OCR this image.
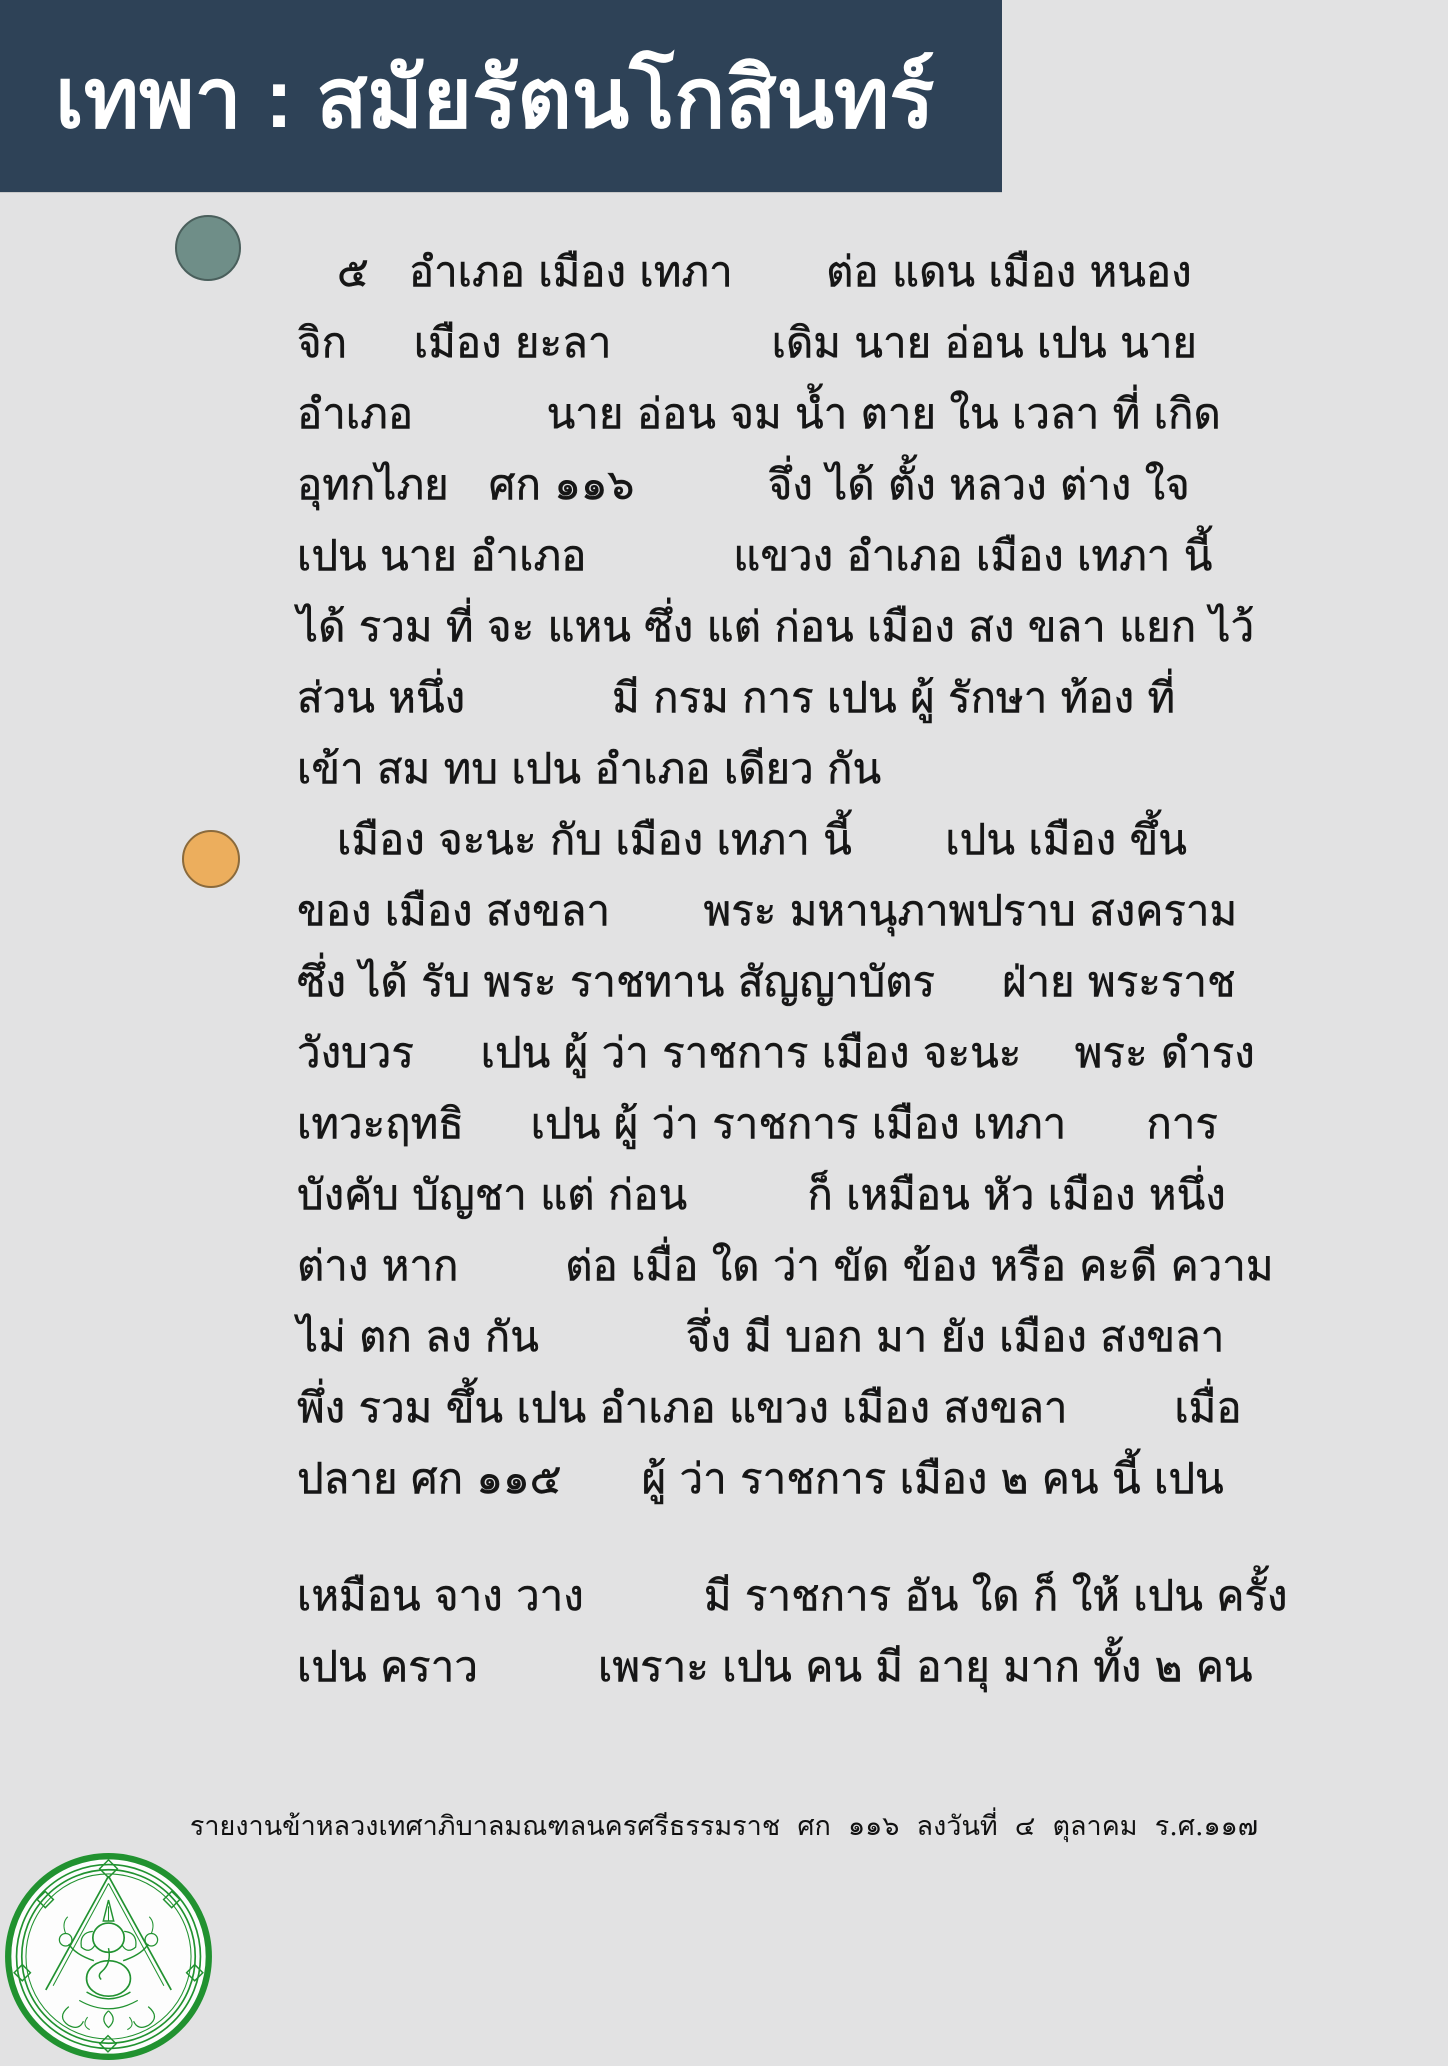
เทพา : สมัยรัตนโกสินทร์
๕   อำเภอ เมือง เทภา       ต่อ แดน เมือง หนอง
จิก     เมือง ยะลา            เดิม นาย อ่อน เปน นาย
อำเภอ          นาย อ่อน จม น้ำ ตาย ใน เวลา ที่ เกิด
อุทกไภย   ศก ๑๑๖          จึ่ง ได้ ตั้ง หลวง ต่าง ใจ
เปน นาย อำเภอ           แขวง อำเภอ เมือง เทภา นี้
ได้ รวม ที่ จะ แหน ซึ่ง แต่ ก่อน เมือง สง ขลา แยก ไว้
ส่วน หนึ่ง           มี กรม การ เปน ผู้ รักษา ท้อง ที่
เข้า สม ทบ เปน อำเภอ เดียว กัน
เมือง จะนะ กับ เมือง เทภา นี้       เปน เมือง ขึ้น
ของ เมือง สงขลา       พระ มหานุภาพปราบ สงคราม
ซึ่ง ได้ รับ พระ ราชทาน สัญญาบัตร     ฝ่าย พระราช
วังบวร     เปน ผู้ ว่า ราชการ เมือง จะนะ    พระ ดำรง
เทวะฤทธิ     เปน ผู้ ว่า ราชการ เมือง เทภา      การ
บังคับ บัญชา แต่ ก่อน         ก็ เหมือน หัว เมือง หนึ่ง
ต่าง หาก        ต่อ เมื่อ ใด ว่า ขัด ข้อง หรือ คะดี ความ
ไม่ ตก ลง กัน           จึ่ง มี บอก มา ยัง เมือง สงขลา
พึ่ง รวม ขึ้น เปน อำเภอ แขวง เมือง สงขลา        เมื่อ
ปลาย ศก ๑๑๕      ผู้ ว่า ราชการ เมือง ๒ คน นี้ เปน
เหมือน จาง วาง         มี ราชการ อัน ใด ก็ ให้ เปน ครั้ง
เปน คราว         เพราะ เปน คน มี อายุ มาก ทั้ง ๒ คน
รายงานข้าหลวงเทศาภิบาลมณฑลนครศรีธรรมราช  ศก  ๑๑๖  ลงวันที่  ๔  ตุลาคม  ร.ศ.๑๑๗
